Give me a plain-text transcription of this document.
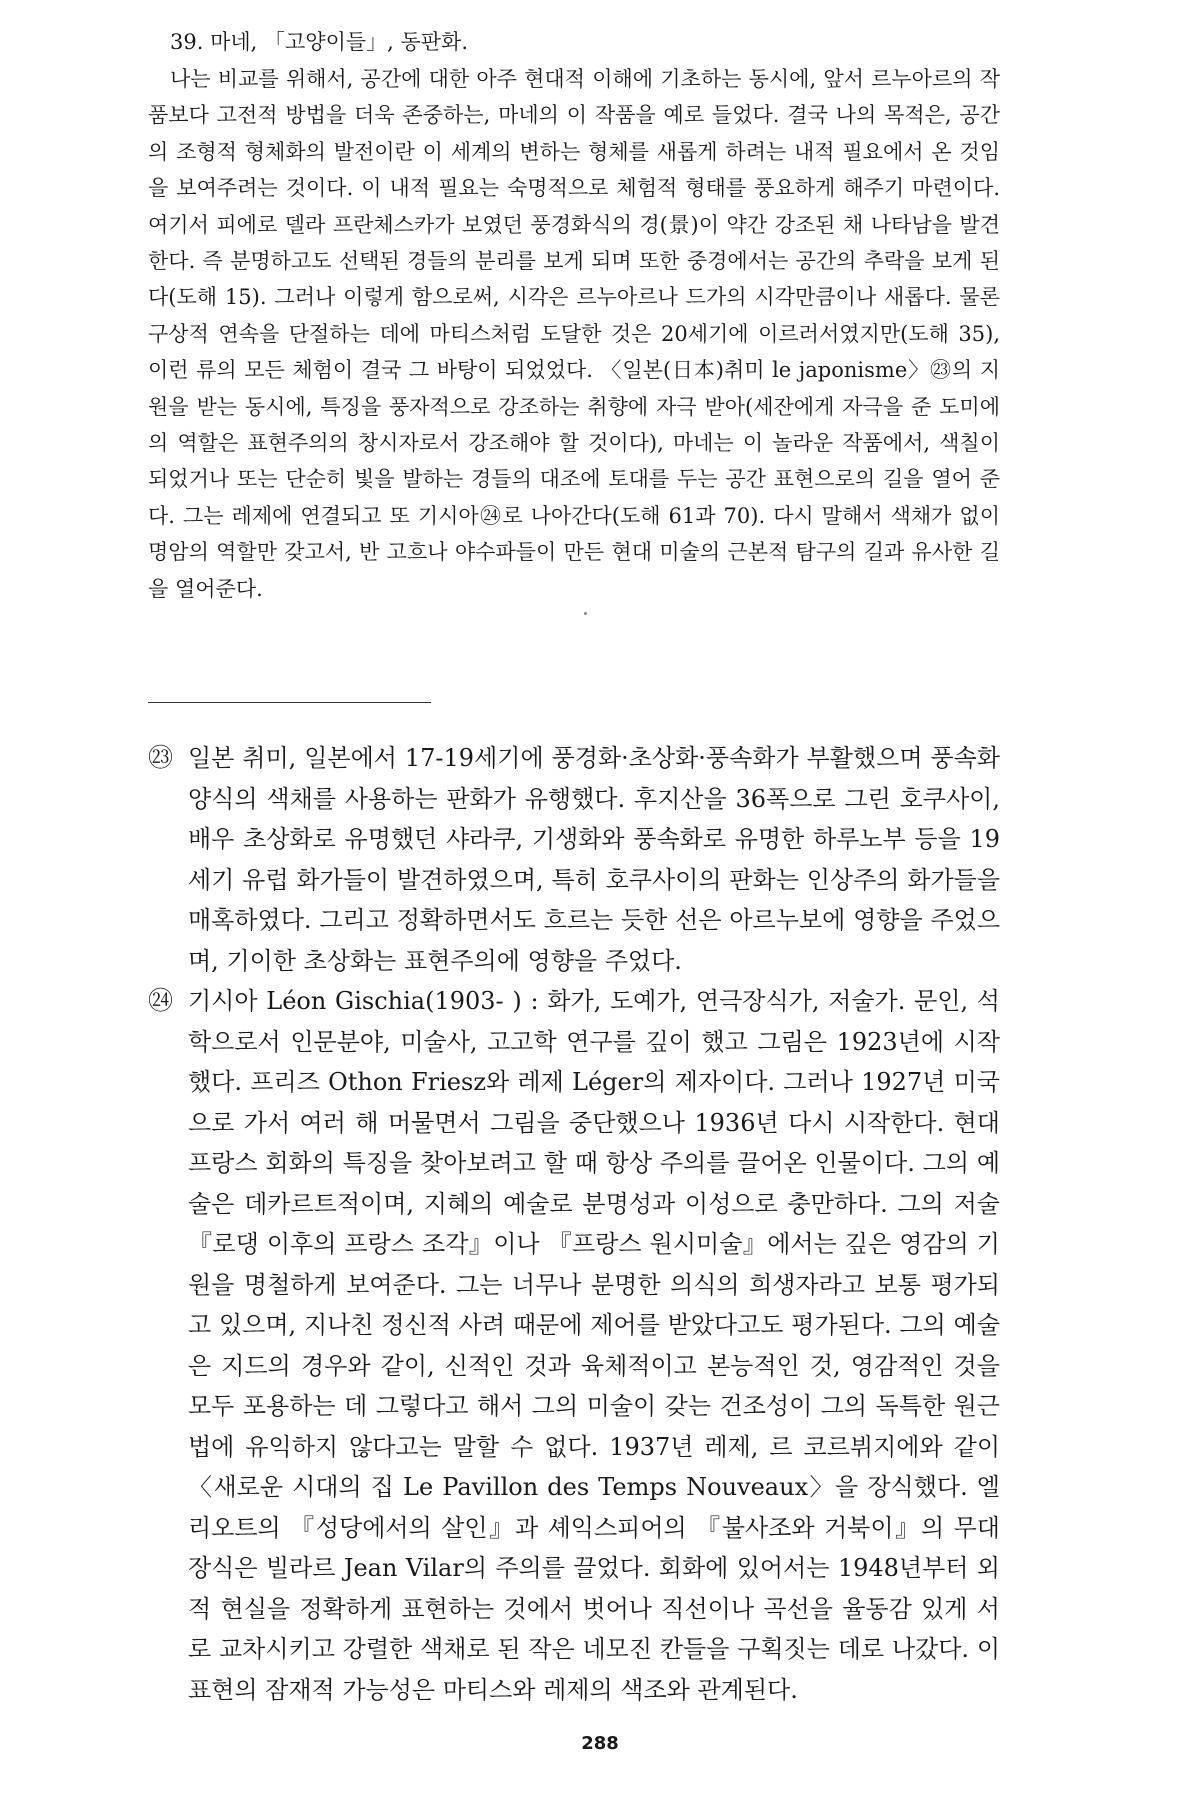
39. 마네, 「고양이들」, 동판화.

나는 비교를 위해서, 공간에 대한 아주 현대적 이해에 기초하는 동시에, 앞서 르누아르의 작품보다 고전적 방법을 더욱 존중하는, 마네의 이 작품을 예로 들었다. 결국 나의 목적은, 공간의 조형적 형체화의 발전이란 이 세계의 변하는 형체를 새롭게 하려는 내적 필요에서 온 것임을 보여주려는 것이다. 이 내적 필요는 숙명적으로 체험적 형태를 풍요하게 해주기 마련이다. 여기서 피에로 델라 프란체스카가 보였던 풍경화식의 경(景)이 약간 강조된 채 나타남을 발견한다. 즉 분명하고도 선택된 경들의 분리를 보게 되며 또한 중경에서는 공간의 추락을 보게 된다(도해 15). 그러나 이렇게 함으로써, 시각은 르누아르나 드가의 시각만큼이나 새롭다. 물론 구상적 연속을 단절하는 데에 마티스처럼 도달한 것은 20세기에 이르러서였지만(도해 35), 이런 류의 모든 체험이 결국 그 바탕이 되었었다. 〈일본(日本)취미 le japonisme〉㉓의 지원을 받는 동시에, 특징을 풍자적으로 강조하는 취향에 자극 받아(세잔에게 자극을 준 도미에의 역할은 표현주의의 창시자로서 강조해야 할 것이다), 마네는 이 놀라운 작품에서, 색칠이 되었거나 또는 단순히 빛을 발하는 경들의 대조에 토대를 두는 공간 표현으로의 길을 열어 준다. 그는 레제에 연결되고 또 기시아㉔로 나아간다(도해 61과 70). 다시 말해서 색채가 없이 명암의 역할만 갖고서, 반 고흐나 야수파들이 만든 현대 미술의 근본적 탐구의 길과 유사한 길을 열어준다.

㉓ 일본 취미, 일본에서 17-19세기에 풍경화·초상화·풍속화가 부활했으며 풍속화 양식의 색채를 사용하는 판화가 유행했다. 후지산을 36폭으로 그린 호쿠사이, 배우 초상화로 유명했던 샤라쿠, 기생화와 풍속화로 유명한 하루노부 등을 19세기 유럽 화가들이 발견하였으며, 특히 호쿠사이의 판화는 인상주의 화가들을 매혹하였다. 그리고 정확하면서도 흐르는 듯한 선은 아르누보에 영향을 주었으며, 기이한 초상화는 표현주의에 영향을 주었다.
㉔ 기시아 Léon Gischia(1903- ) : 화가, 도예가, 연극장식가, 저술가. 문인, 석학으로서 인문분야, 미술사, 고고학 연구를 깊이 했고 그림은 1923년에 시작했다. 프리즈 Othon Friesz와 레제 Léger의 제자이다. 그러나 1927년 미국으로 가서 여러 해 머물면서 그림을 중단했으나 1936년 다시 시작한다. 현대 프랑스 회화의 특징을 찾아보려고 할 때 항상 주의를 끌어온 인물이다. 그의 예술은 데카르트적이며, 지혜의 예술로 분명성과 이성으로 충만하다. 그의 저술 『로댕 이후의 프랑스 조각』이나 『프랑스 원시미술』에서는 깊은 영감의 기원을 명철하게 보여준다. 그는 너무나 분명한 의식의 희생자라고 보통 평가되고 있으며, 지나친 정신적 사려 때문에 제어를 받았다고도 평가된다. 그의 예술은 지드의 경우와 같이, 신적인 것과 육체적이고 본능적인 것, 영감적인 것을 모두 포용하는 데 그렇다고 해서 그의 미술이 갖는 건조성이 그의 독특한 원근법에 유익하지 않다고는 말할 수 없다. 1937년 레제, 르 코르뷔지에와 같이 〈새로운 시대의 집 Le Pavillon des Temps Nouveaux〉을 장식했다. 엘리오트의 『성당에서의 살인』과 셰익스피어의 『불사조와 거북이』의 무대장식은 빌라르 Jean Vilar의 주의를 끌었다. 회화에 있어서는 1948년부터 외적 현실을 정확하게 표현하는 것에서 벗어나 직선이나 곡선을 율동감 있게 서로 교차시키고 강렬한 색채로 된 작은 네모진 칸들을 구획짓는 데로 나갔다. 이 표현의 잠재적 가능성은 마티스와 레제의 색조와 관계된다.
288
